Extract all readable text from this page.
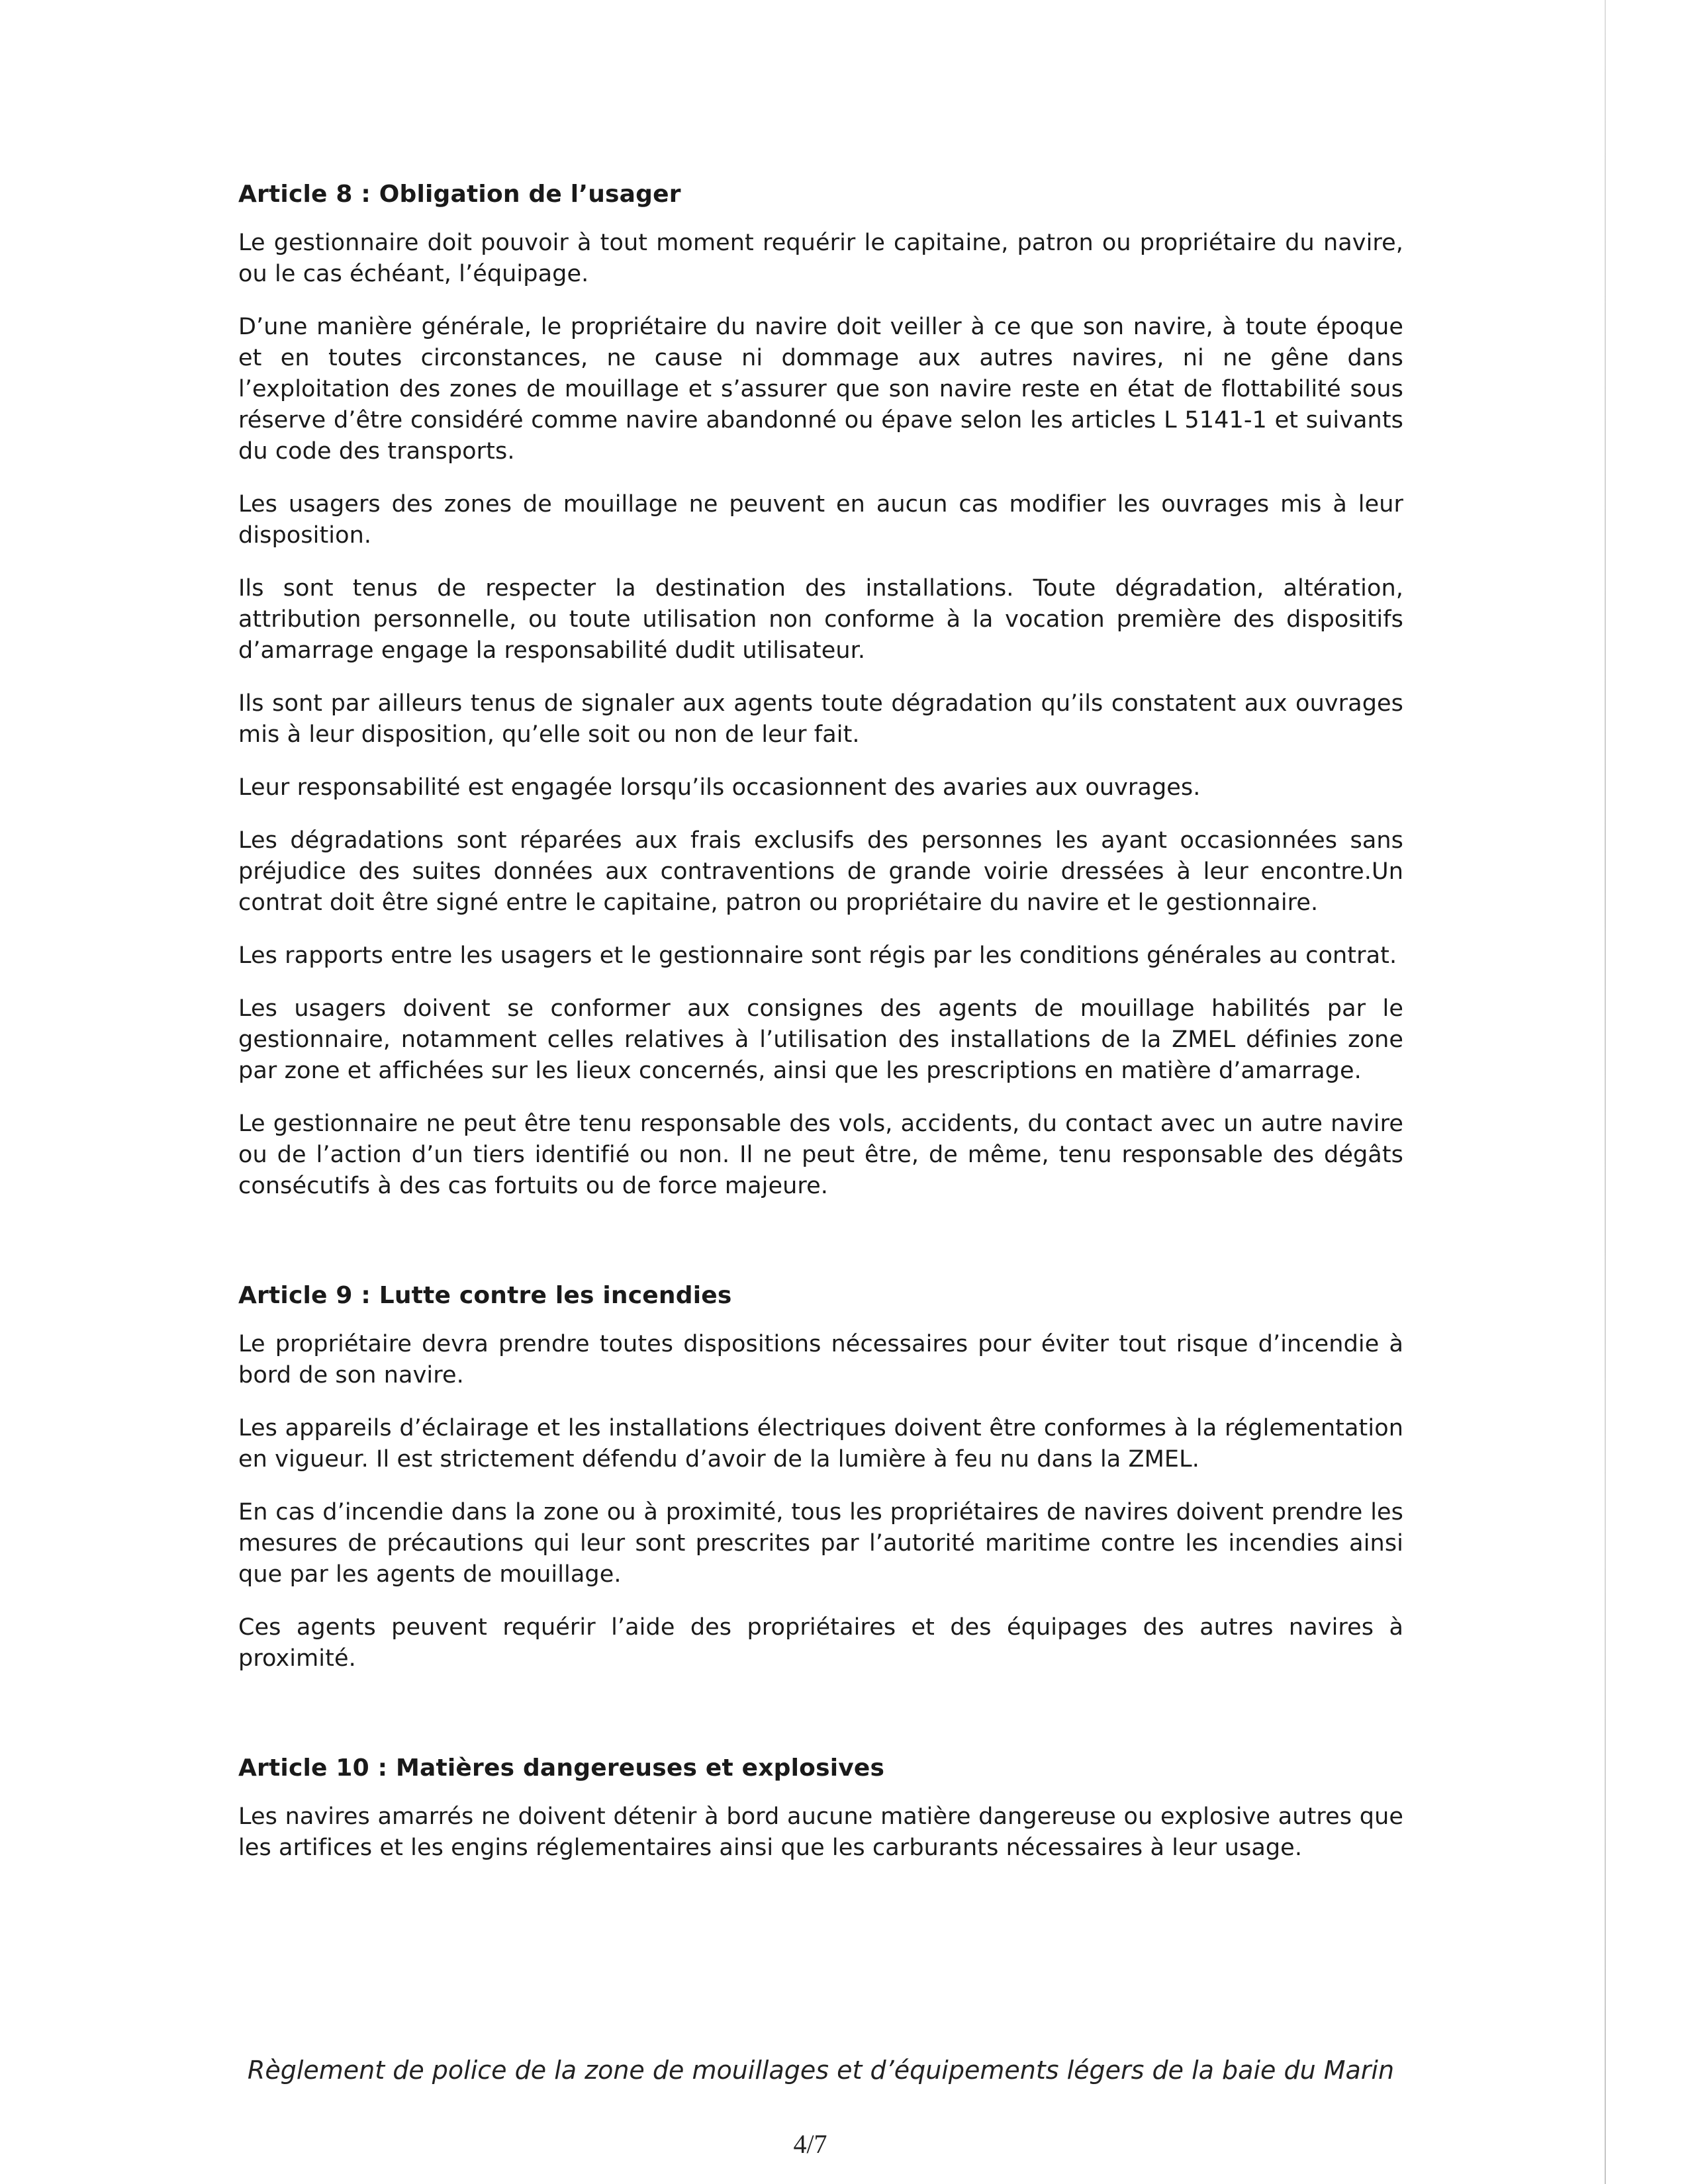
Article 8 : Obligation de l’usager

Le gestionnaire doit pouvoir à tout moment requérir le capitaine, patron ou propriétaire du navire, ou le cas échéant, l’équipage.

D’une manière générale, le propriétaire du navire doit veiller à ce que son navire, à toute époque et en toutes circonstances, ne cause ni dommage aux autres navires, ni ne gêne dans l’exploitation des zones de mouillage et s’assurer que son navire reste en état de flottabilité sous réserve d’être considéré comme navire abandonné ou épave selon les articles L 5141-1 et suivants du code des transports.

Les usagers des zones de mouillage ne peuvent en aucun cas modifier les ouvrages mis à leur disposition.

Ils sont tenus de respecter la destination des installations. Toute dégradation, altération, attribution personnelle, ou toute utilisation non conforme à la vocation première des dispositifs d’amarrage engage la responsabilité dudit utilisateur.

Ils sont par ailleurs tenus de signaler aux agents toute dégradation qu’ils constatent aux ouvrages mis à leur disposition, qu’elle soit ou non de leur fait.

Leur responsabilité est engagée lorsqu’ils occasionnent des avaries aux ouvrages.

Les dégradations sont réparées aux frais exclusifs des personnes les ayant occasionnées sans préjudice des suites données aux contraventions de grande voirie dressées à leur encontre.Un contrat doit être signé entre le capitaine, patron ou propriétaire du navire et le gestionnaire.

Les rapports entre les usagers et le gestionnaire sont régis par les conditions générales au contrat.

Les usagers doivent se conformer aux consignes des agents de mouillage habilités par le gestionnaire, notamment celles relatives à l’utilisation des installations de la ZMEL définies zone par zone et affichées sur les lieux concernés, ainsi que les prescriptions en matière d’amarrage.

Le gestionnaire ne peut être tenu responsable des vols, accidents, du contact avec un autre navire ou de l’action d’un tiers identifié ou non. Il ne peut être, de même, tenu responsable des dégâts consécutifs à des cas fortuits ou de force majeure.

Article 9 : Lutte contre les incendies

Le propriétaire devra prendre toutes dispositions nécessaires pour éviter tout risque d’incendie à bord de son navire.

Les appareils d’éclairage et les installations électriques doivent être conformes à la réglementation en vigueur. Il est strictement défendu d’avoir de la lumière à feu nu dans la ZMEL.

En cas d’incendie dans la zone ou à proximité, tous les propriétaires de navires doivent prendre les mesures de précautions qui leur sont prescrites par l’autorité maritime contre les incendies ainsi que par les agents de mouillage.

Ces agents peuvent requérir l’aide des propriétaires et des équipages des autres navires à proximité.

Article 10 : Matières dangereuses et explosives

Les navires amarrés ne doivent détenir à bord aucune matière dangereuse ou explosive autres que les artifices et les engins réglementaires ainsi que les carburants nécessaires à leur usage.

Règlement de police de la zone de mouillages et d’équipements légers de la baie du Marin
4/7
